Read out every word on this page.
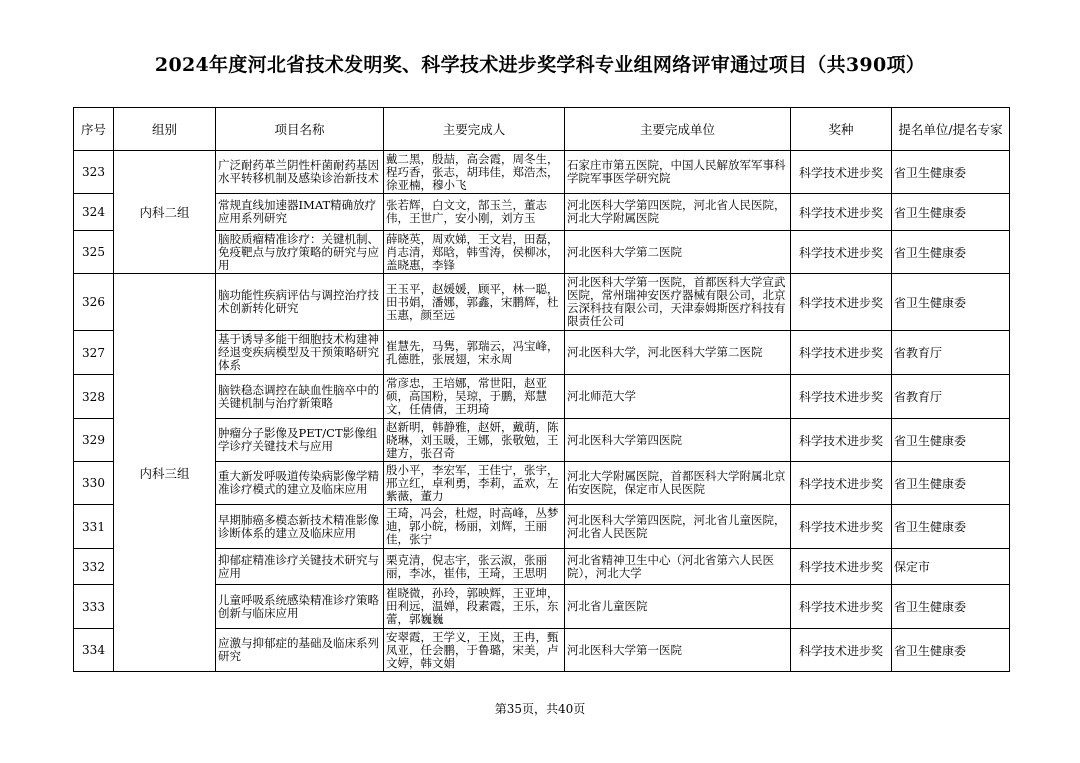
2024年度河北省技术发明奖、科学技术进步奖学科专业组网络评审通过项目（共390项）
序号	组别	项目名称	主要完成人	主要完成单位	奖种	提名单位/提名专家
323	内科二组	广泛耐药革兰阴性杆菌耐药基因水平转移机制及感染诊治新技术	戴二黑，殷喆，高会霞，周冬生，程巧香，张志，胡玮佳，郑浩杰，徐亚楠，穆小飞	石家庄市第五医院，中国人民解放军军事科学院军事医学研究院	科学技术进步奖	省卫生健康委
324		常规直线加速器IMAT精确放疗应用系列研究	张若辉，白文文，郜玉兰，董志伟，王世广，安小刚，刘方玉	河北医科大学第四医院，河北省人民医院，河北大学附属医院	科学技术进步奖	省卫生健康委
325		脑胶质瘤精准诊疗：关键机制、免疫靶点与放疗策略的研究与应用	薛晓英，周欢娣，王文岩，田磊，肖志清，郑晗，韩雪涛，侯柳冰，盖晓惠，李锋	河北医科大学第二医院	科学技术进步奖	省卫生健康委
326	内科三组	脑功能性疾病评估与调控治疗技术创新转化研究	王玉平，赵媛媛，顾平，林一聪，田书娟，潘娜，郭鑫，宋鹏辉，杜玉惠，颜至远	河北医科大学第一医院，首都医科大学宣武医院，常州瑞神安医疗器械有限公司，北京云深科技有限公司，天津泰姆斯医疗科技有限责任公司	科学技术进步奖	省卫生健康委
327		基于诱导多能干细胞技术构建神经退变疾病模型及干预策略研究体系	崔慧先，马隽，郭瑞云，冯宝峰，孔德胜，张展翅，宋永周	河北医科大学，河北医科大学第二医院	科学技术进步奖	省教育厅
328		脑铁稳态调控在缺血性脑卒中的关键机制与治疗新策略	常彦忠，王培娜，常世阳，赵亚硕，高国粉，吴琼，于鹏，郑慧文，任倩倩，王玥琦	河北师范大学	科学技术进步奖	省教育厅
329		肿瘤分子影像及PET/CT影像组学诊疗关键技术与应用	赵新明，韩静雅，赵妍，戴萌，陈晓琳，刘玉暖，王娜，张敬勉，王建方，张召奇	河北医科大学第四医院	科学技术进步奖	省卫生健康委
330		重大新发呼吸道传染病影像学精准诊疗模式的建立及临床应用	殷小平，李宏军，王佳宁，张宇，邢立红，卓利勇，李莉，孟欢，左紫薇，董力	河北大学附属医院，首都医科大学附属北京佑安医院，保定市人民医院	科学技术进步奖	省卫生健康委
331		早期肺癌多模态新技术精准影像诊断体系的建立及临床应用	王琦，冯会，杜煜，时高峰，丛梦迪，郭小皖，杨丽，刘辉，王丽佳，张宁	河北医科大学第四医院，河北省儿童医院，河北省人民医院	科学技术进步奖	省卫生健康委
332		抑郁症精准诊疗关键技术研究与应用	栗克清，倪志宇，张云淑，张丽丽，李冰，崔伟，王琦，王思明	河北省精神卫生中心（河北省第六人民医院），河北大学	科学技术进步奖	保定市
333		儿童呼吸系统感染精准诊疗策略创新与临床应用	崔晓微，孙玲，郭映辉，王亚坤，田利远，温婵，段素霞，王乐，东蕾，郭巍巍	河北省儿童医院	科学技术进步奖	省卫生健康委
334		应激与抑郁症的基础及临床系列研究	安翠霞，王学义，王岚，王冉，甄凤亚，任会鹏，于鲁璐，宋美，卢文婷，韩文娟	河北医科大学第一医院	科学技术进步奖	省卫生健康委
第35页，共40页
